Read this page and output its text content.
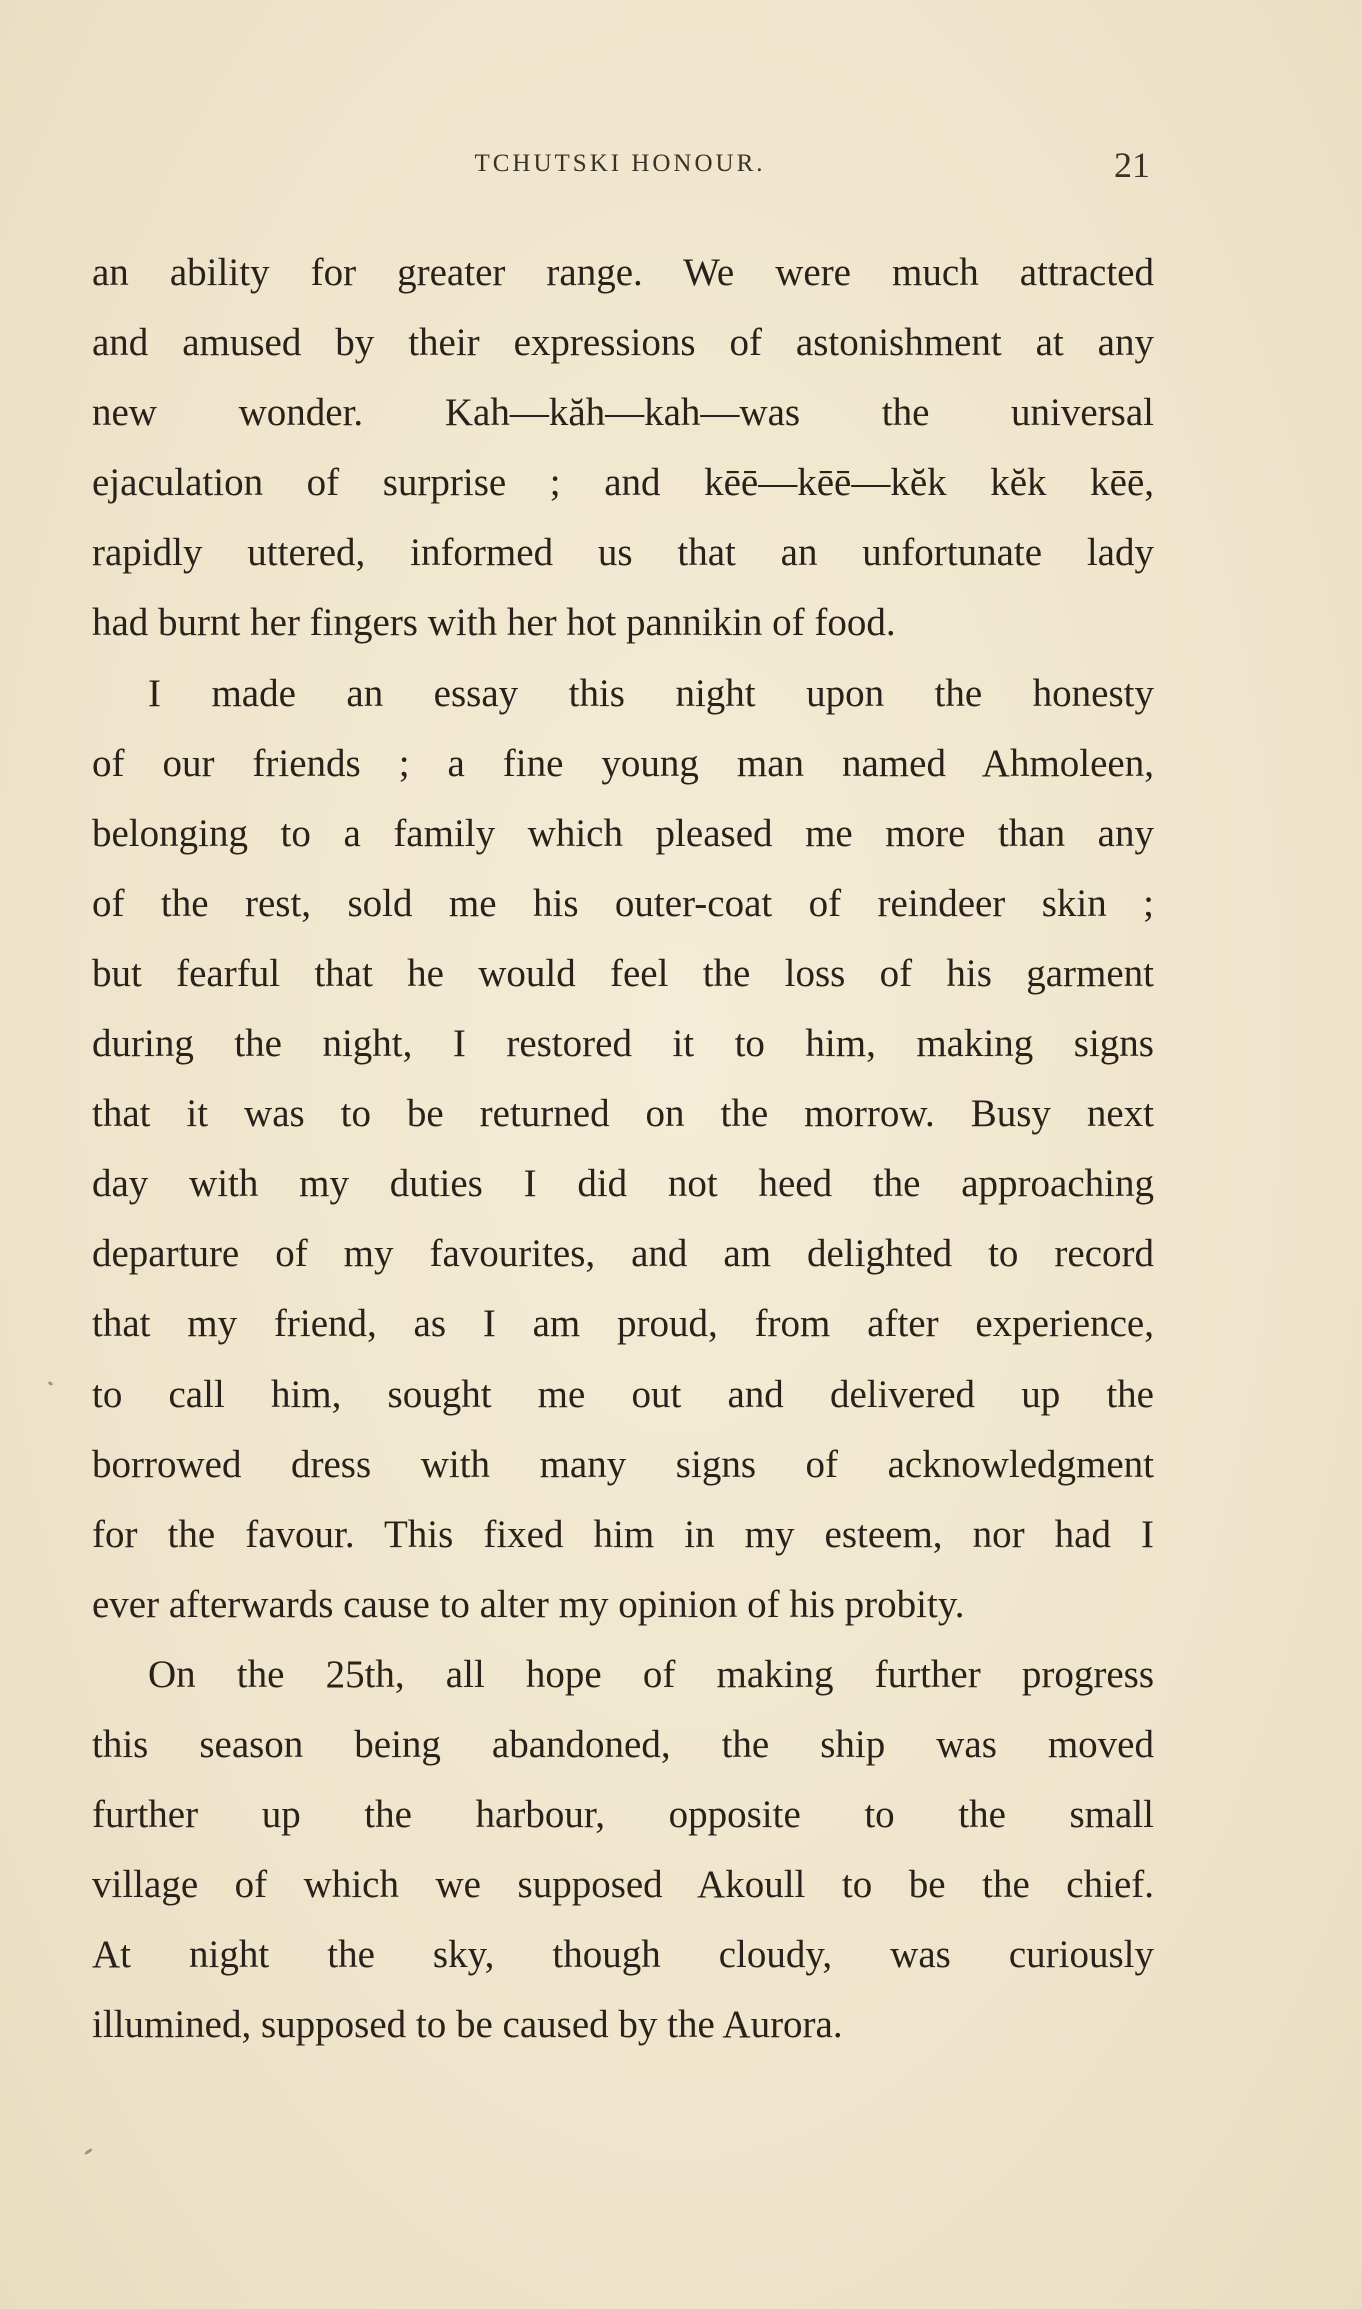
TCHUTSKI HONOUR.	21
an ability for greater range. We were much attracted
and amused by their expressions of astonishment at any
new wonder. Kah—kăh—kah—was the universal
ejaculation of surprise ; and kēē—kēē—kĕk kĕk kēē,
rapidly uttered, informed us that an unfortunate lady
had burnt her fingers with her hot pannikin of food.
I made an essay this night upon the honesty
of our friends ; a fine young man named Ahmoleen,
belonging to a family which pleased me more than any
of the rest, sold me his outer-coat of reindeer skin ;
but fearful that he would feel the loss of his garment
during the night, I restored it to him, making signs
that it was to be returned on the morrow. Busy next
day with my duties I did not heed the approaching
departure of my favourites, and am delighted to record
that my friend, as I am proud, from after experience,
to call him, sought me out and delivered up the
borrowed dress with many signs of acknowledgment
for the favour. This fixed him in my esteem, nor had I
ever afterwards cause to alter my opinion of his probity.
On the 25th, all hope of making further progress
this season being abandoned, the ship was moved
further up the harbour, opposite to the small
village of which we supposed Akoull to be the chief.
At night the sky, though cloudy, was curiously
illumined, supposed to be caused by the Aurora.
